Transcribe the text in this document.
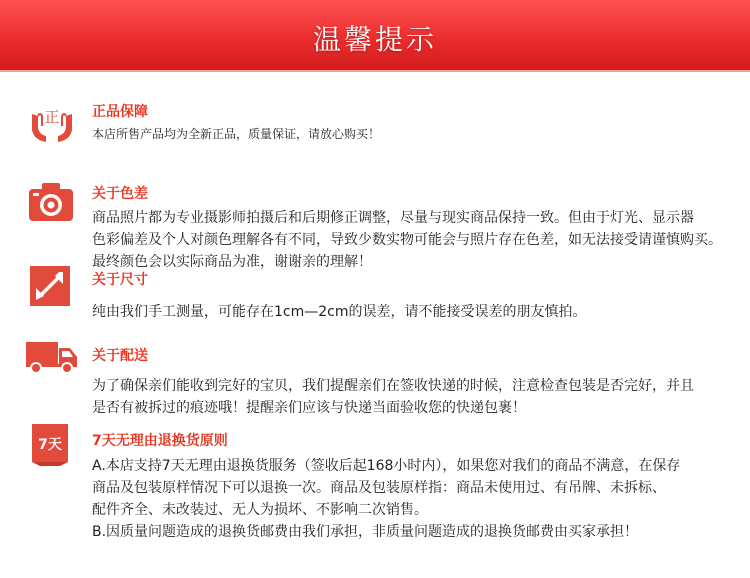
温馨提示
正 正品保障
本店所售产品均为全新正品，质量保证，请放心购买！
关于色差
商品照片都为专业摄影师拍摄后和后期修正调整，尽量与现实商品保持一致。但由于灯光、显示器
色彩偏差及个人对颜色理解各有不同，导致少数实物可能会与照片存在色差，如无法接受请谨慎购买。
最终颜色会以实际商品为准，谢谢亲的理解！
关于尺寸
纯由我们手工测量，可能存在1cm—2cm的误差，请不能接受误差的朋友慎拍。
关于配送
为了确保亲们能收到完好的宝贝，我们提醒亲们在签收快递的时候，注意检查包装是否完好，并且
是否有被拆过的痕迹哦！提醒亲们应该与快递当面验收您的快递包裹！
7天 7天无理由退换货原则
A.本店支持7天无理由退换货服务（签收后起168小时内），如果您对我们的商品不满意，在保存
商品及包装原样情况下可以退换一次。商品及包装原样指：商品未使用过、有吊牌、未拆标、
配件齐全、未改装过、无人为损坏、不影响二次销售。
B.因质量问题造成的退换货邮费由我们承担，非质量问题造成的退换货邮费由买家承担！
